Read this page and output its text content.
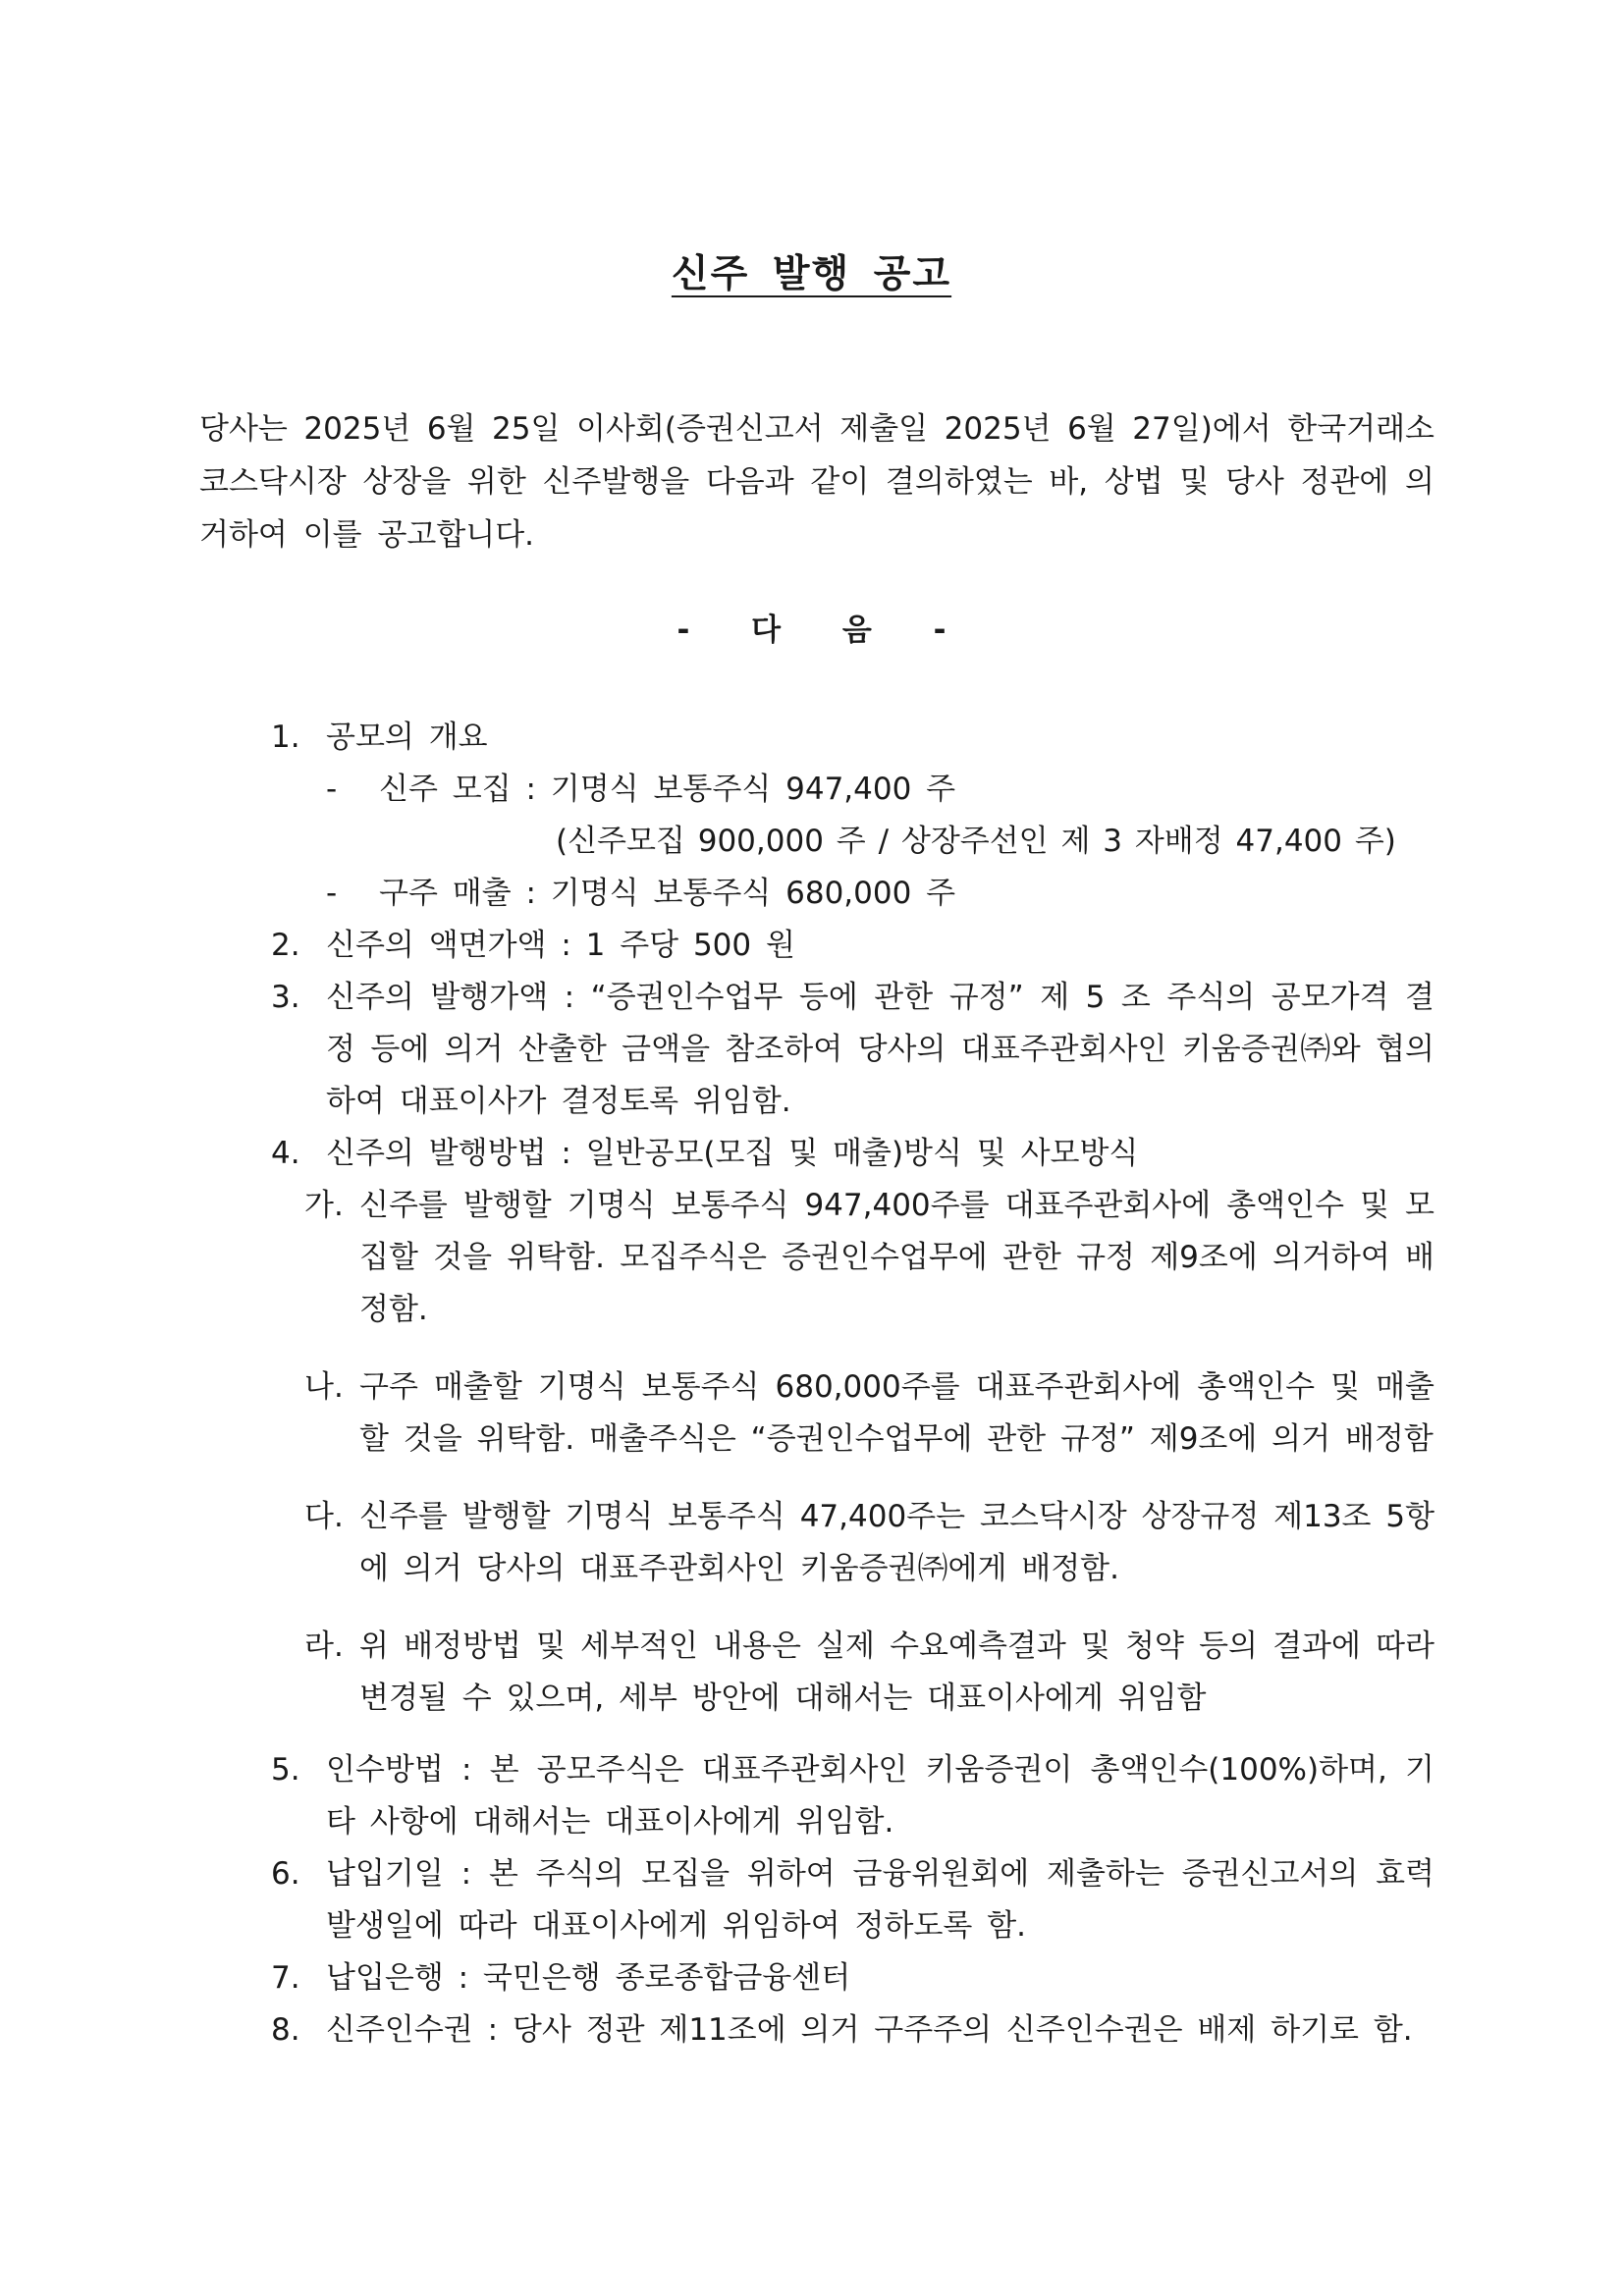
신주 발행 공고

당사는 2025년 6월 25일 이사회(증권신고서 제출일 2025년 6월 27일)에서 한국거래소 코스닥시장 상장을 위한 신주발행을 다음과 같이 결의하였는 바, 상법 및 당사 정관에 의거하여 이를 공고합니다.

- 다 음 -
1. 공모의 개요
- 신주 모집 : 기명식 보통주식 947,400 주
(신주모집 900,000 주 / 상장주선인 제 3 자배정 47,400 주)
- 구주 매출 : 기명식 보통주식 680,000 주
2. 신주의 액면가액 : 1 주당 500 원
3. 신주의 발행가액 : “증권인수업무 등에 관한 규정” 제 5 조 주식의 공모가격 결정 등에 의거 산출한 금액을 참조하여 당사의 대표주관회사인 키움증권㈜와 협의하여 대표이사가 결정토록 위임함.
4. 신주의 발행방법 : 일반공모(모집 및 매출)방식 및 사모방식
가. 신주를 발행할 기명식 보통주식 947,400주를 대표주관회사에 총액인수 및 모집할 것을 위탁함. 모집주식은 증권인수업무에 관한 규정 제9조에 의거하여 배정함.
나. 구주 매출할 기명식 보통주식 680,000주를 대표주관회사에 총액인수 및 매출할 것을 위탁함. 매출주식은 “증권인수업무에 관한 규정” 제9조에 의거 배정함
다. 신주를 발행할 기명식 보통주식 47,400주는 코스닥시장 상장규정 제13조 5항에 의거 당사의 대표주관회사인 키움증권㈜에게 배정함.
라. 위 배정방법 및 세부적인 내용은 실제 수요예측결과 및 청약 등의 결과에 따라 변경될 수 있으며, 세부 방안에 대해서는 대표이사에게 위임함
5. 인수방법 : 본 공모주식은 대표주관회사인 키움증권이 총액인수(100%)하며, 기타 사항에 대해서는 대표이사에게 위임함.
6. 납입기일 : 본 주식의 모집을 위하여 금융위원회에 제출하는 증권신고서의 효력발생일에 따라 대표이사에게 위임하여 정하도록 함.
7. 납입은행 : 국민은행 종로종합금융센터
8. 신주인수권 : 당사 정관 제11조에 의거 구주주의 신주인수권은 배제 하기로 함.
